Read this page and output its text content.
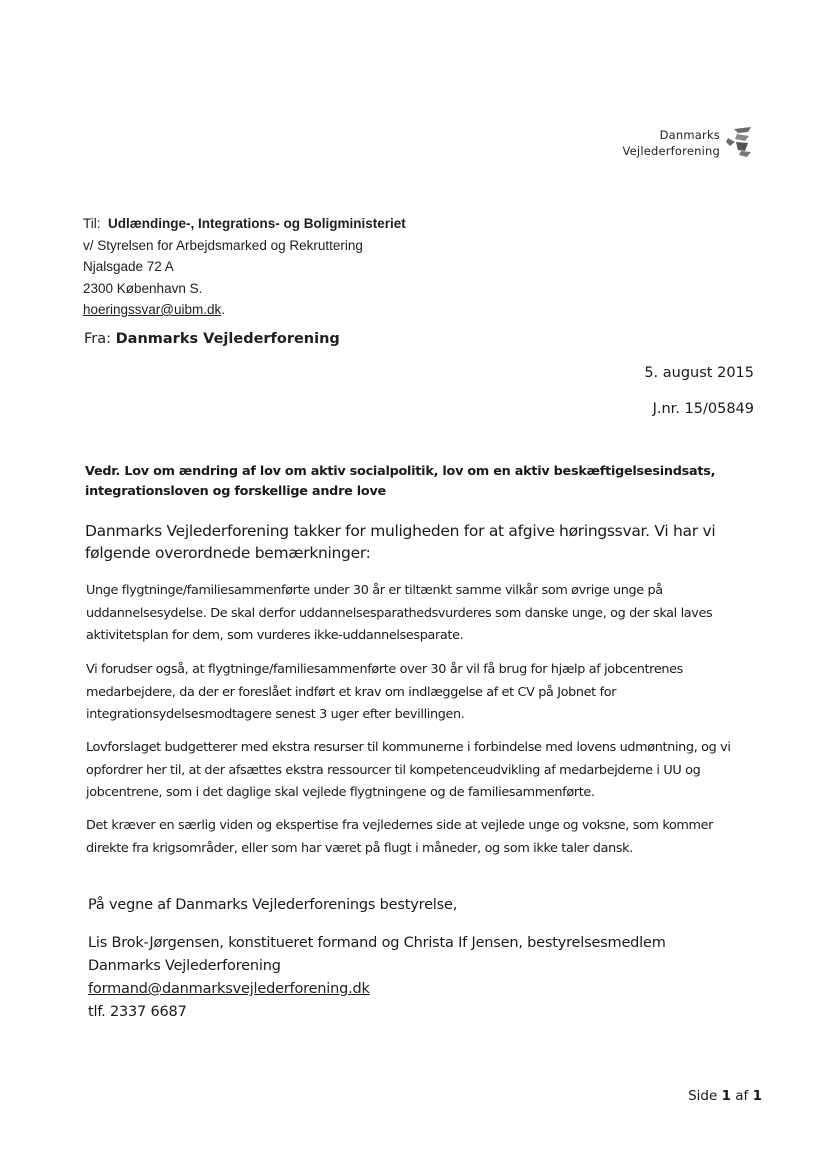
Danmarks
Vejlederforening
Til: Udlændinge-, Integrations- og Boligministeriet
v/ Styrelsen for Arbejdsmarked og Rekruttering
Njalsgade 72 A
2300 København S.
hoeringssvar@uibm.dk.
Fra: Danmarks Vejlederforening
5. august 2015
J.nr. 15/05849
Vedr. Lov om ændring af lov om aktiv socialpolitik, lov om en aktiv beskæftigelsesindsats, integrationsloven og forskellige andre love
Danmarks Vejlederforening takker for muligheden for at afgive høringssvar. Vi har vi følgende overordnede bemærkninger:
Unge flygtninge/familiesammenførte under 30 år er tiltænkt samme vilkår som øvrige unge på uddannelsesydelse. De skal derfor uddannelsesparathedsvurderes som danske unge, og der skal laves aktivitetsplan for dem, som vurderes ikke-uddannelsesparate.
Vi forudser også, at flygtninge/familiesammenførte over 30 år vil få brug for hjælp af jobcentrenes medarbejdere, da der er foreslået indført et krav om indlæggelse af et CV på Jobnet for integrationsydelsesmodtagere senest 3 uger efter bevillingen.
Lovforslaget budgetterer med ekstra resurser til kommunerne i forbindelse med lovens udmøntning, og vi opfordrer her til, at der afsættes ekstra ressourcer til kompetenceudvikling af medarbejderne i UU og jobcentrene, som i det daglige skal vejlede flygtningene og de familiesammenførte.
Det kræver en særlig viden og ekspertise fra vejledernes side at vejlede unge og voksne, som kommer direkte fra krigsområder, eller som har været på flugt i måneder, og som ikke taler dansk.
På vegne af Danmarks Vejlederforenings bestyrelse,
Lis Brok-Jørgensen, konstitueret formand og Christa If Jensen, bestyrelsesmedlem
Danmarks Vejlederforening
formand@danmarksvejlederforening.dk
tlf. 2337 6687
Side 1 af 1
